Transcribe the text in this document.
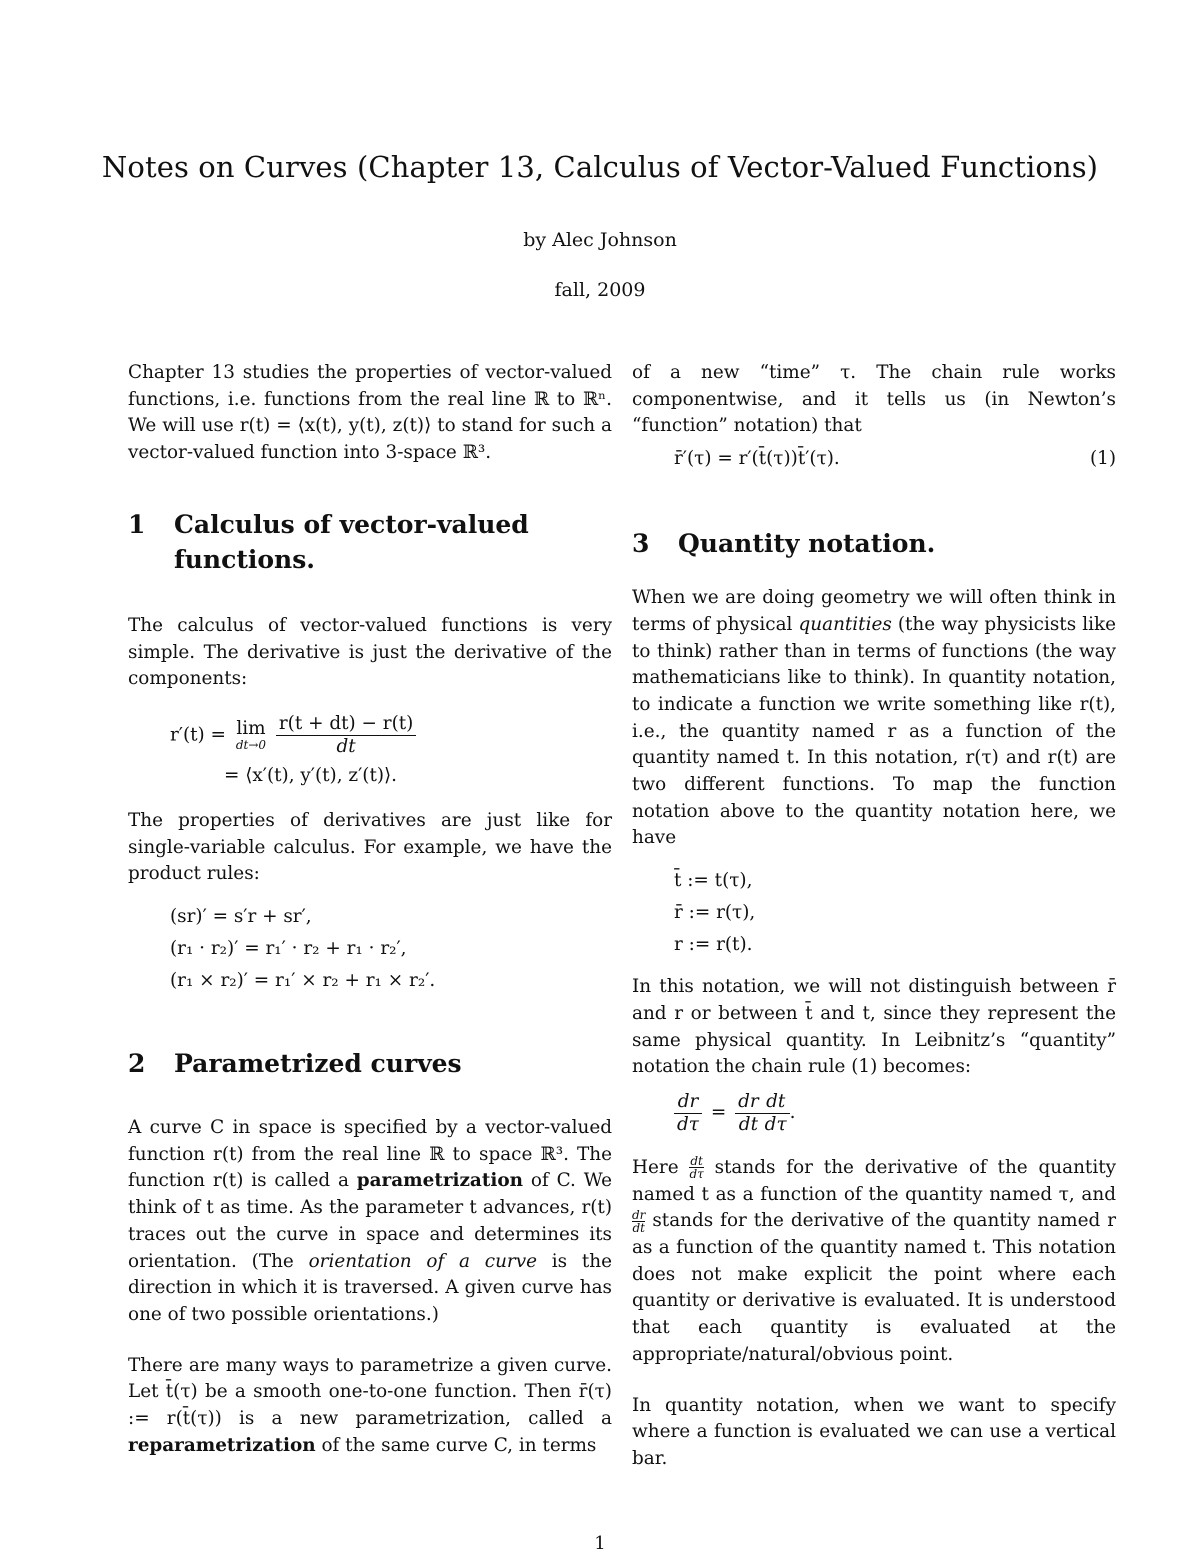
Notes on Curves (Chapter 13, Calculus of Vector-Valued Functions)
by Alec Johnson
fall, 2009

Chapter 13 studies the properties of vector-valued functions, i.e. functions from the real line ℝ to ℝⁿ. We will use r(t) = ⟨x(t), y(t), z(t)⟩ to stand for such a vector-valued function into 3-space ℝ³.

1	Calculus of vector-valued functions.

The calculus of vector-valued functions is very simple. The derivative is just the derivative of the components:

r′(t) = lim
dt→0
$\frac{r(t + dt) - r(t)}{dt}$
= ⟨x′(t), y′(t), z′(t)⟩.

The properties of derivatives are just like for single-variable calculus. For example, we have the product rules:

(sr)′ = s′r + sr′,
(r₁ · r₂)′ = r₁′ · r₂ + r₁ · r₂′,
(r₁ × r₂)′ = r₁′ × r₂ + r₁ × r₂′.
2	Parametrized curves

A curve C in space is specified by a vector-valued function r(t) from the real line ℝ to space ℝ³. The function r(t) is called a parametrization of C. We think of t as time. As the parameter t advances, r(t) traces out the curve in space and determines its orientation. (The orientation of a curve is the direction in which it is traversed. A given curve has one of two possible orientations.)

There are many ways to parametrize a given curve. Let t̄(τ) be a smooth one-to-one function. Then r̄(τ) := r(t̄(τ)) is a new parametrization, called a reparametrization of the same curve C, in terms

of a new “time” τ. The chain rule works componentwise, and it tells us (in Newton’s “function” notation) that

r̄′(τ) = r′(t̄(τ))t̄′(τ).	(1)
3	Quantity notation.

When we are doing geometry we will often think in terms of physical quantities (the way physicists like to think) rather than in terms of functions (the way mathematicians like to think). In quantity notation, to indicate a function we write something like r(t), i.e., the quantity named r as a function of the quantity named t. In this notation, r(τ) and r(t) are two different functions. To map the function notation above to the quantity notation here, we have

t̄ := t(τ),
r̄ := r(τ),
r := r(t).

In this notation, we will not distinguish between r̄ and r or between t̄ and t, since they represent the same physical quantity. In Leibnitz’s “quantity” notation the chain rule (1) becomes:

$\frac{dr}{d\tau} = \frac{dr}{dt} \frac{dt}{d\tau}$ .

Here $\frac{dt}{d\tau}$ stands for the derivative of the quantity named t as a function of the quantity named τ, and
$\frac{dr}{dt}$ stands for the derivative of the quantity named r as a function of the quantity named t. This notation does not make explicit the point where each quantity or derivative is evaluated. It is understood that each quantity is evaluated at the appropriate/natural/obvious point.

In quantity notation, when we want to specify where a function is evaluated we can use a vertical bar.

1
